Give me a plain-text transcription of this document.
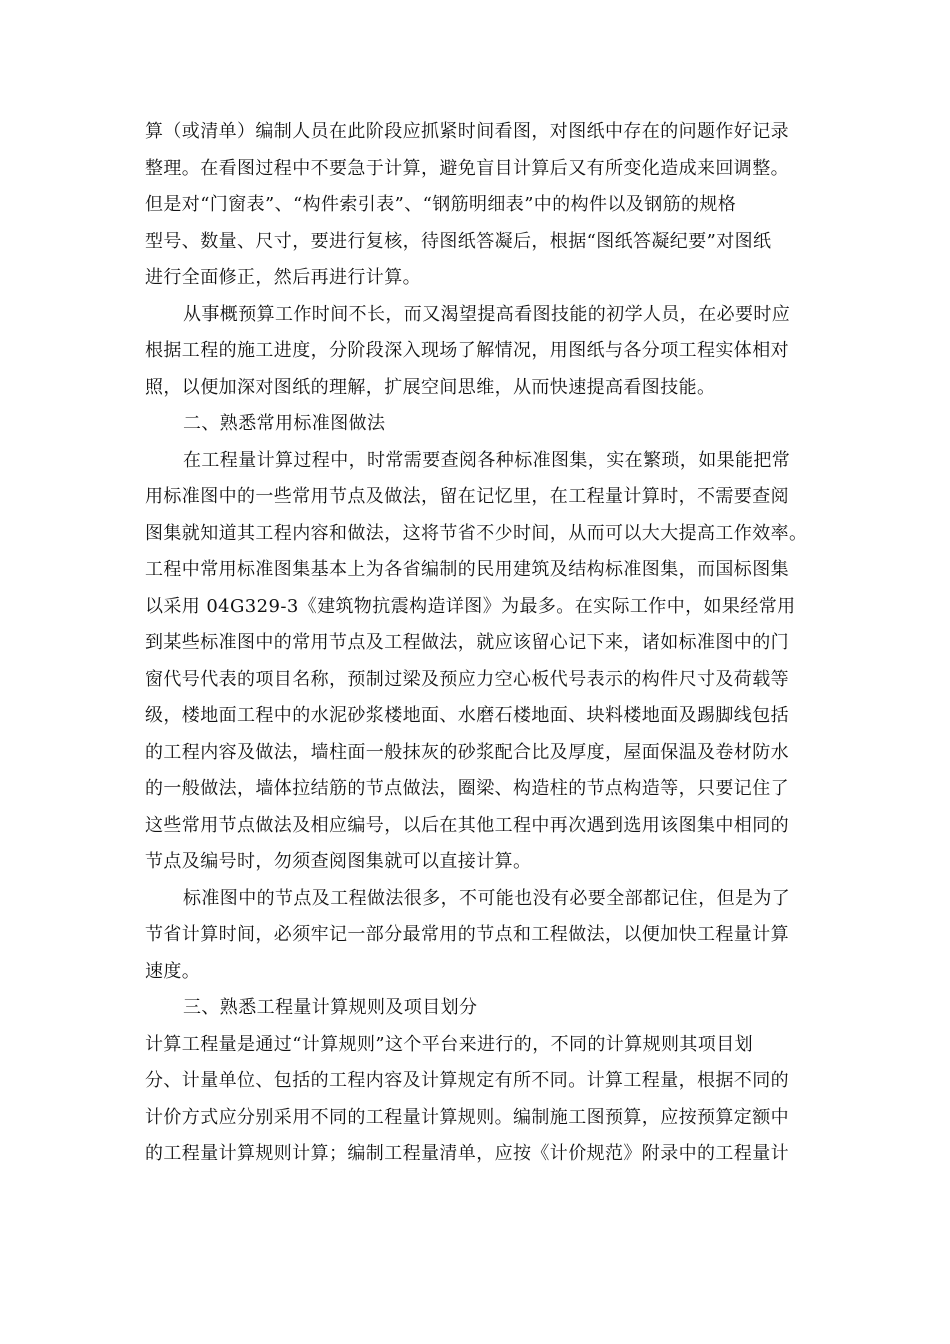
算（或清单）编制人员在此阶段应抓紧时间看图，对图纸中存在的问题作好记录
整理。在看图过程中不要急于计算，避免盲目计算后又有所变化造成来回调整。
但是对“门窗表”、“构件索引表”、“钢筋明细表”中的构件以及钢筋的规格
型号、数量、尺寸，要进行复核，待图纸答凝后，根据“图纸答凝纪要”对图纸
进行全面修正，然后再进行计算。
从事概预算工作时间不长，而又渴望提高看图技能的初学人员，在必要时应
根据工程的施工进度，分阶段深入现场了解情况，用图纸与各分项工程实体相对
照，以便加深对图纸的理解，扩展空间思维，从而快速提高看图技能。
二、熟悉常用标准图做法
在工程量计算过程中，时常需要查阅各种标准图集，实在繁琐，如果能把常
用标准图中的一些常用节点及做法，留在记忆里，在工程量计算时，不需要查阅
图集就知道其工程内容和做法，这将节省不少时间，从而可以大大提高工作效率。
工程中常用标准图集基本上为各省编制的民用建筑及结构标准图集，而国标图集
以采用 04G329-3《建筑物抗震构造详图》为最多。在实际工作中，如果经常用
到某些标准图中的常用节点及工程做法，就应该留心记下来，诸如标准图中的门
窗代号代表的项目名称，预制过梁及预应力空心板代号表示的构件尺寸及荷载等
级，楼地面工程中的水泥砂浆楼地面、水磨石楼地面、块料楼地面及踢脚线包括
的工程内容及做法，墙柱面一般抹灰的砂浆配合比及厚度，屋面保温及卷材防水
的一般做法，墙体拉结筋的节点做法，圈梁、构造柱的节点构造等，只要记住了
这些常用节点做法及相应编号，以后在其他工程中再次遇到选用该图集中相同的
节点及编号时，勿须查阅图集就可以直接计算。
标准图中的节点及工程做法很多，不可能也没有必要全部都记住，但是为了
节省计算时间，必须牢记一部分最常用的节点和工程做法，以便加快工程量计算
速度。
三、熟悉工程量计算规则及项目划分
计算工程量是通过“计算规则”这个平台来进行的，不同的计算规则其项目划
分、计量单位、包括的工程内容及计算规定有所不同。计算工程量，根据不同的
计价方式应分别采用不同的工程量计算规则。编制施工图预算，应按预算定额中
的工程量计算规则计算；编制工程量清单，应按《计价规范》附录中的工程量计
